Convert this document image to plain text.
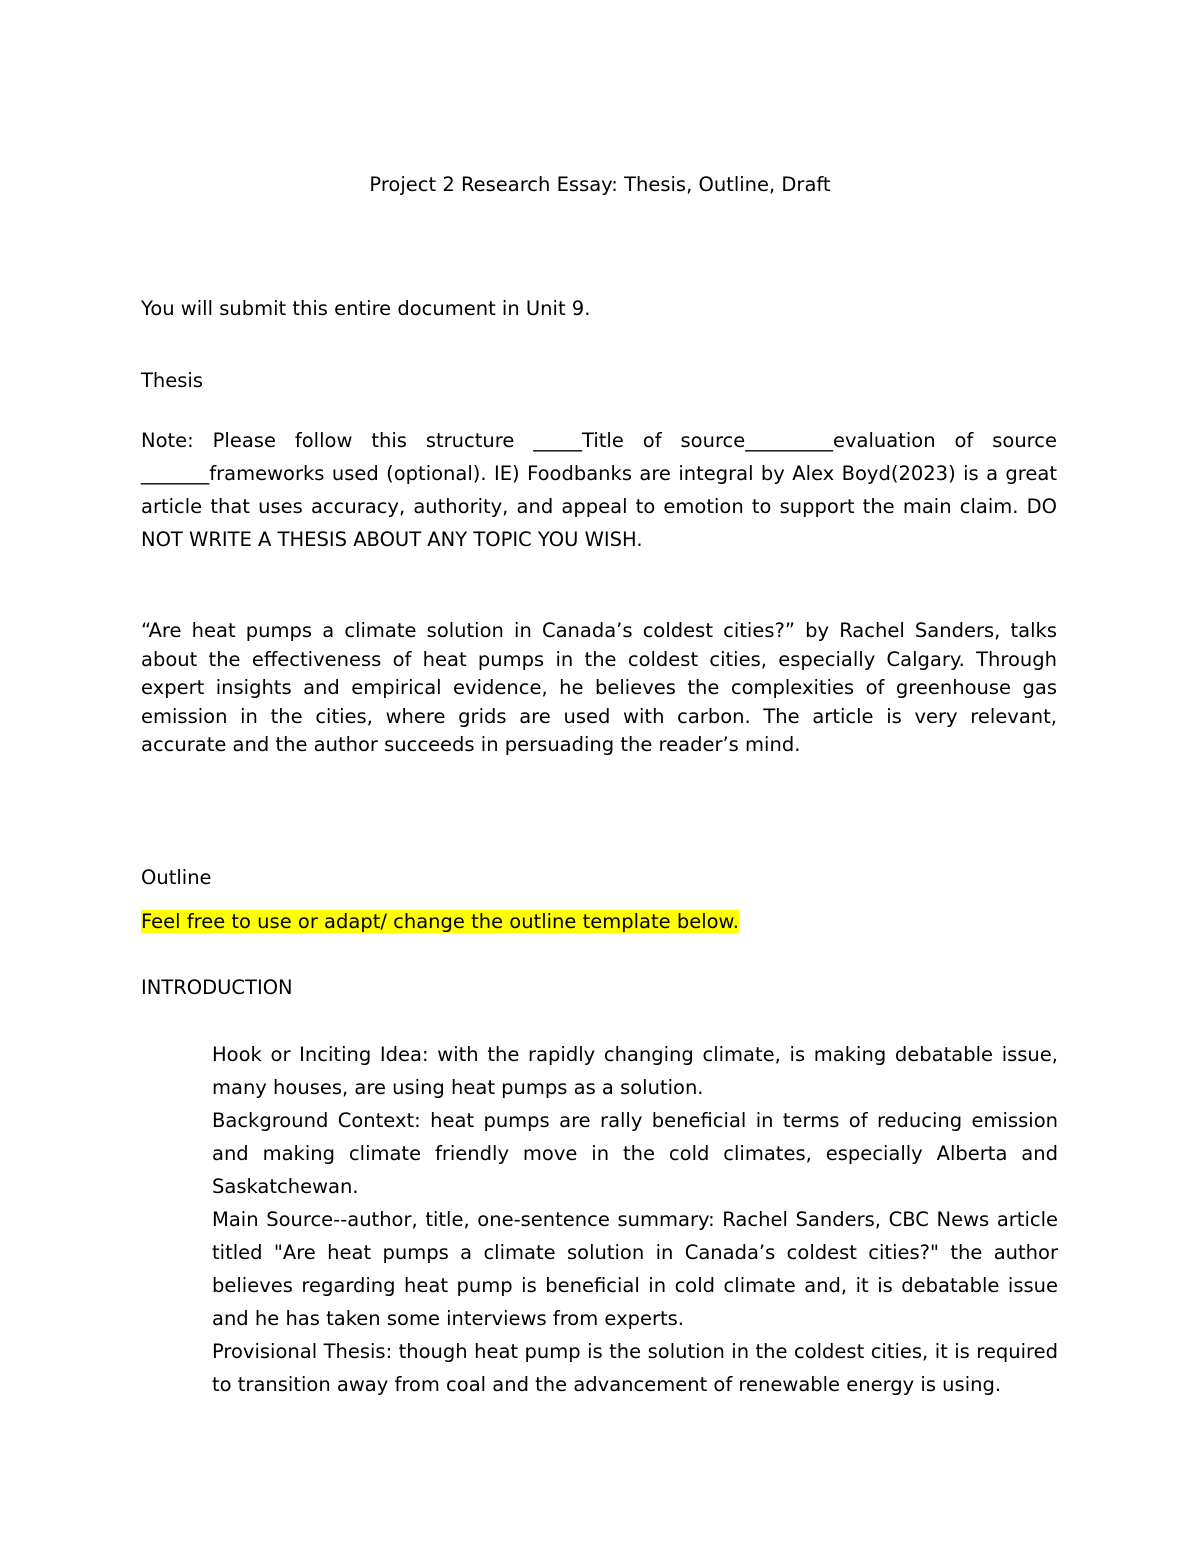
Project 2 Research Essay: Thesis, Outline, Draft

You will submit this entire document in Unit 9.

Thesis

Note: Please follow this structure _____Title of source_________evaluation of source _______frameworks used (optional). IE) Foodbanks are integral by Alex Boyd(2023) is a great article that uses accuracy, authority, and appeal to emotion to support the main claim. DO NOT WRITE A THESIS ABOUT ANY TOPIC YOU WISH.

“Are heat pumps a climate solution in Canada’s coldest cities?” by Rachel Sanders, talks about the effectiveness of heat pumps in the coldest cities, especially Calgary. Through expert insights and empirical evidence, he believes the complexities of greenhouse gas emission in the cities, where grids are used with carbon. The article is very relevant, accurate and the author succeeds in persuading the reader’s mind.

Outline

Feel free to use or adapt/ change the outline template below.

INTRODUCTION

Hook or Inciting Idea: with the rapidly changing climate, is making debatable issue, many houses, are using heat pumps as a solution.

Background Context: heat pumps are rally beneficial in terms of reducing emission and making climate friendly move in the cold climates, especially Alberta and Saskatchewan.

Main Source--author, title, one-sentence summary: Rachel Sanders, CBC News article titled "Are heat pumps a climate solution in Canada’s coldest cities?" the author believes regarding heat pump is beneficial in cold climate and, it is debatable issue and he has taken some interviews from experts.

Provisional Thesis: though heat pump is the solution in the coldest cities, it is required to transition away from coal and the advancement of renewable energy is using.
